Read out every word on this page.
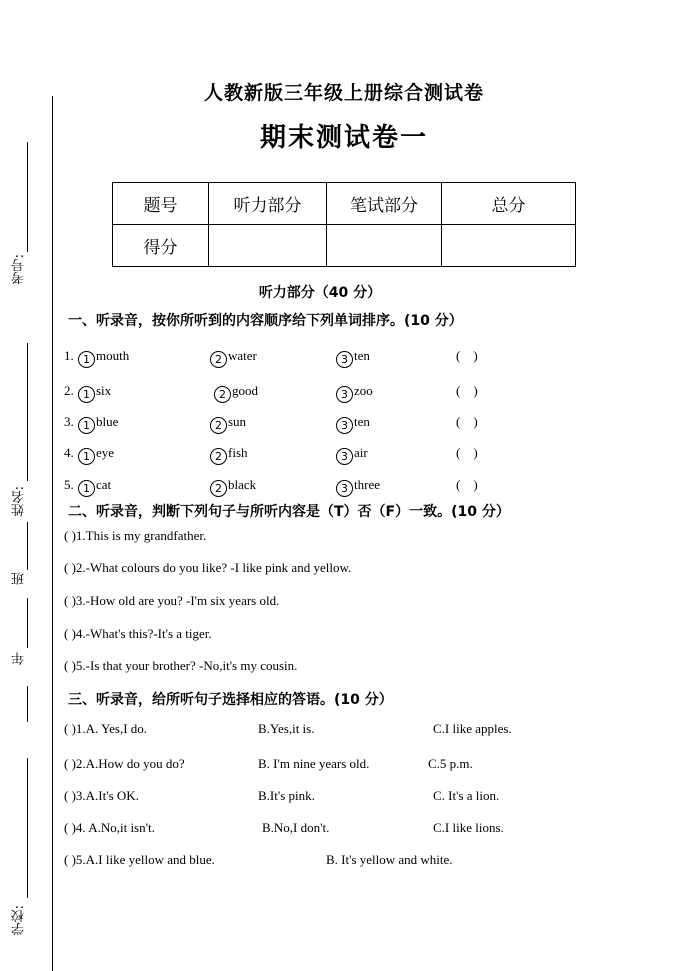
考号:
姓名:
班
年
学校:
人教新版三年级上册综合测试卷
期末测试卷一
题号	听力部分	笔试部分	总分
得分			
听力部分（40 分）
一、听录音，按你所听到的内容顺序给下列单词排序。(10 分）
1. 1 mouth	2 water	3 ten	(    )
2. 1 six	2 good	3 zoo	(    )
3. 1 blue	2 sun	3 ten	(    )
4. 1 eye	2 fish	3 air	(    )
5. 1 cat	2 black	3 three	(    )
二、听录音，判断下列句子与所听内容是（T）否（F）一致。(10 分）
( )1.This is my grandfather.
( )2.-What colours do you like? -I like pink and yellow.
( )3.-How old are you? -I'm six years old.
( )4.-What's this?-It's a tiger.
( )5.-Is that your brother? -No,it's my cousin.
三、听录音，给所听句子选择相应的答语。(10 分）
( )1.A. Yes,I do.	B.Yes,it is.	C.I like apples.
( )2.A.How do you do?	B. I'm nine years old.	C.5 p.m.
( )3.A.It's OK.	B.It's pink.	C. It's a lion.
( )4. A.No,it isn't.	B.No,I don't.	C.I like lions.
( )5.A.I like yellow and blue.	B. It's yellow and white.
